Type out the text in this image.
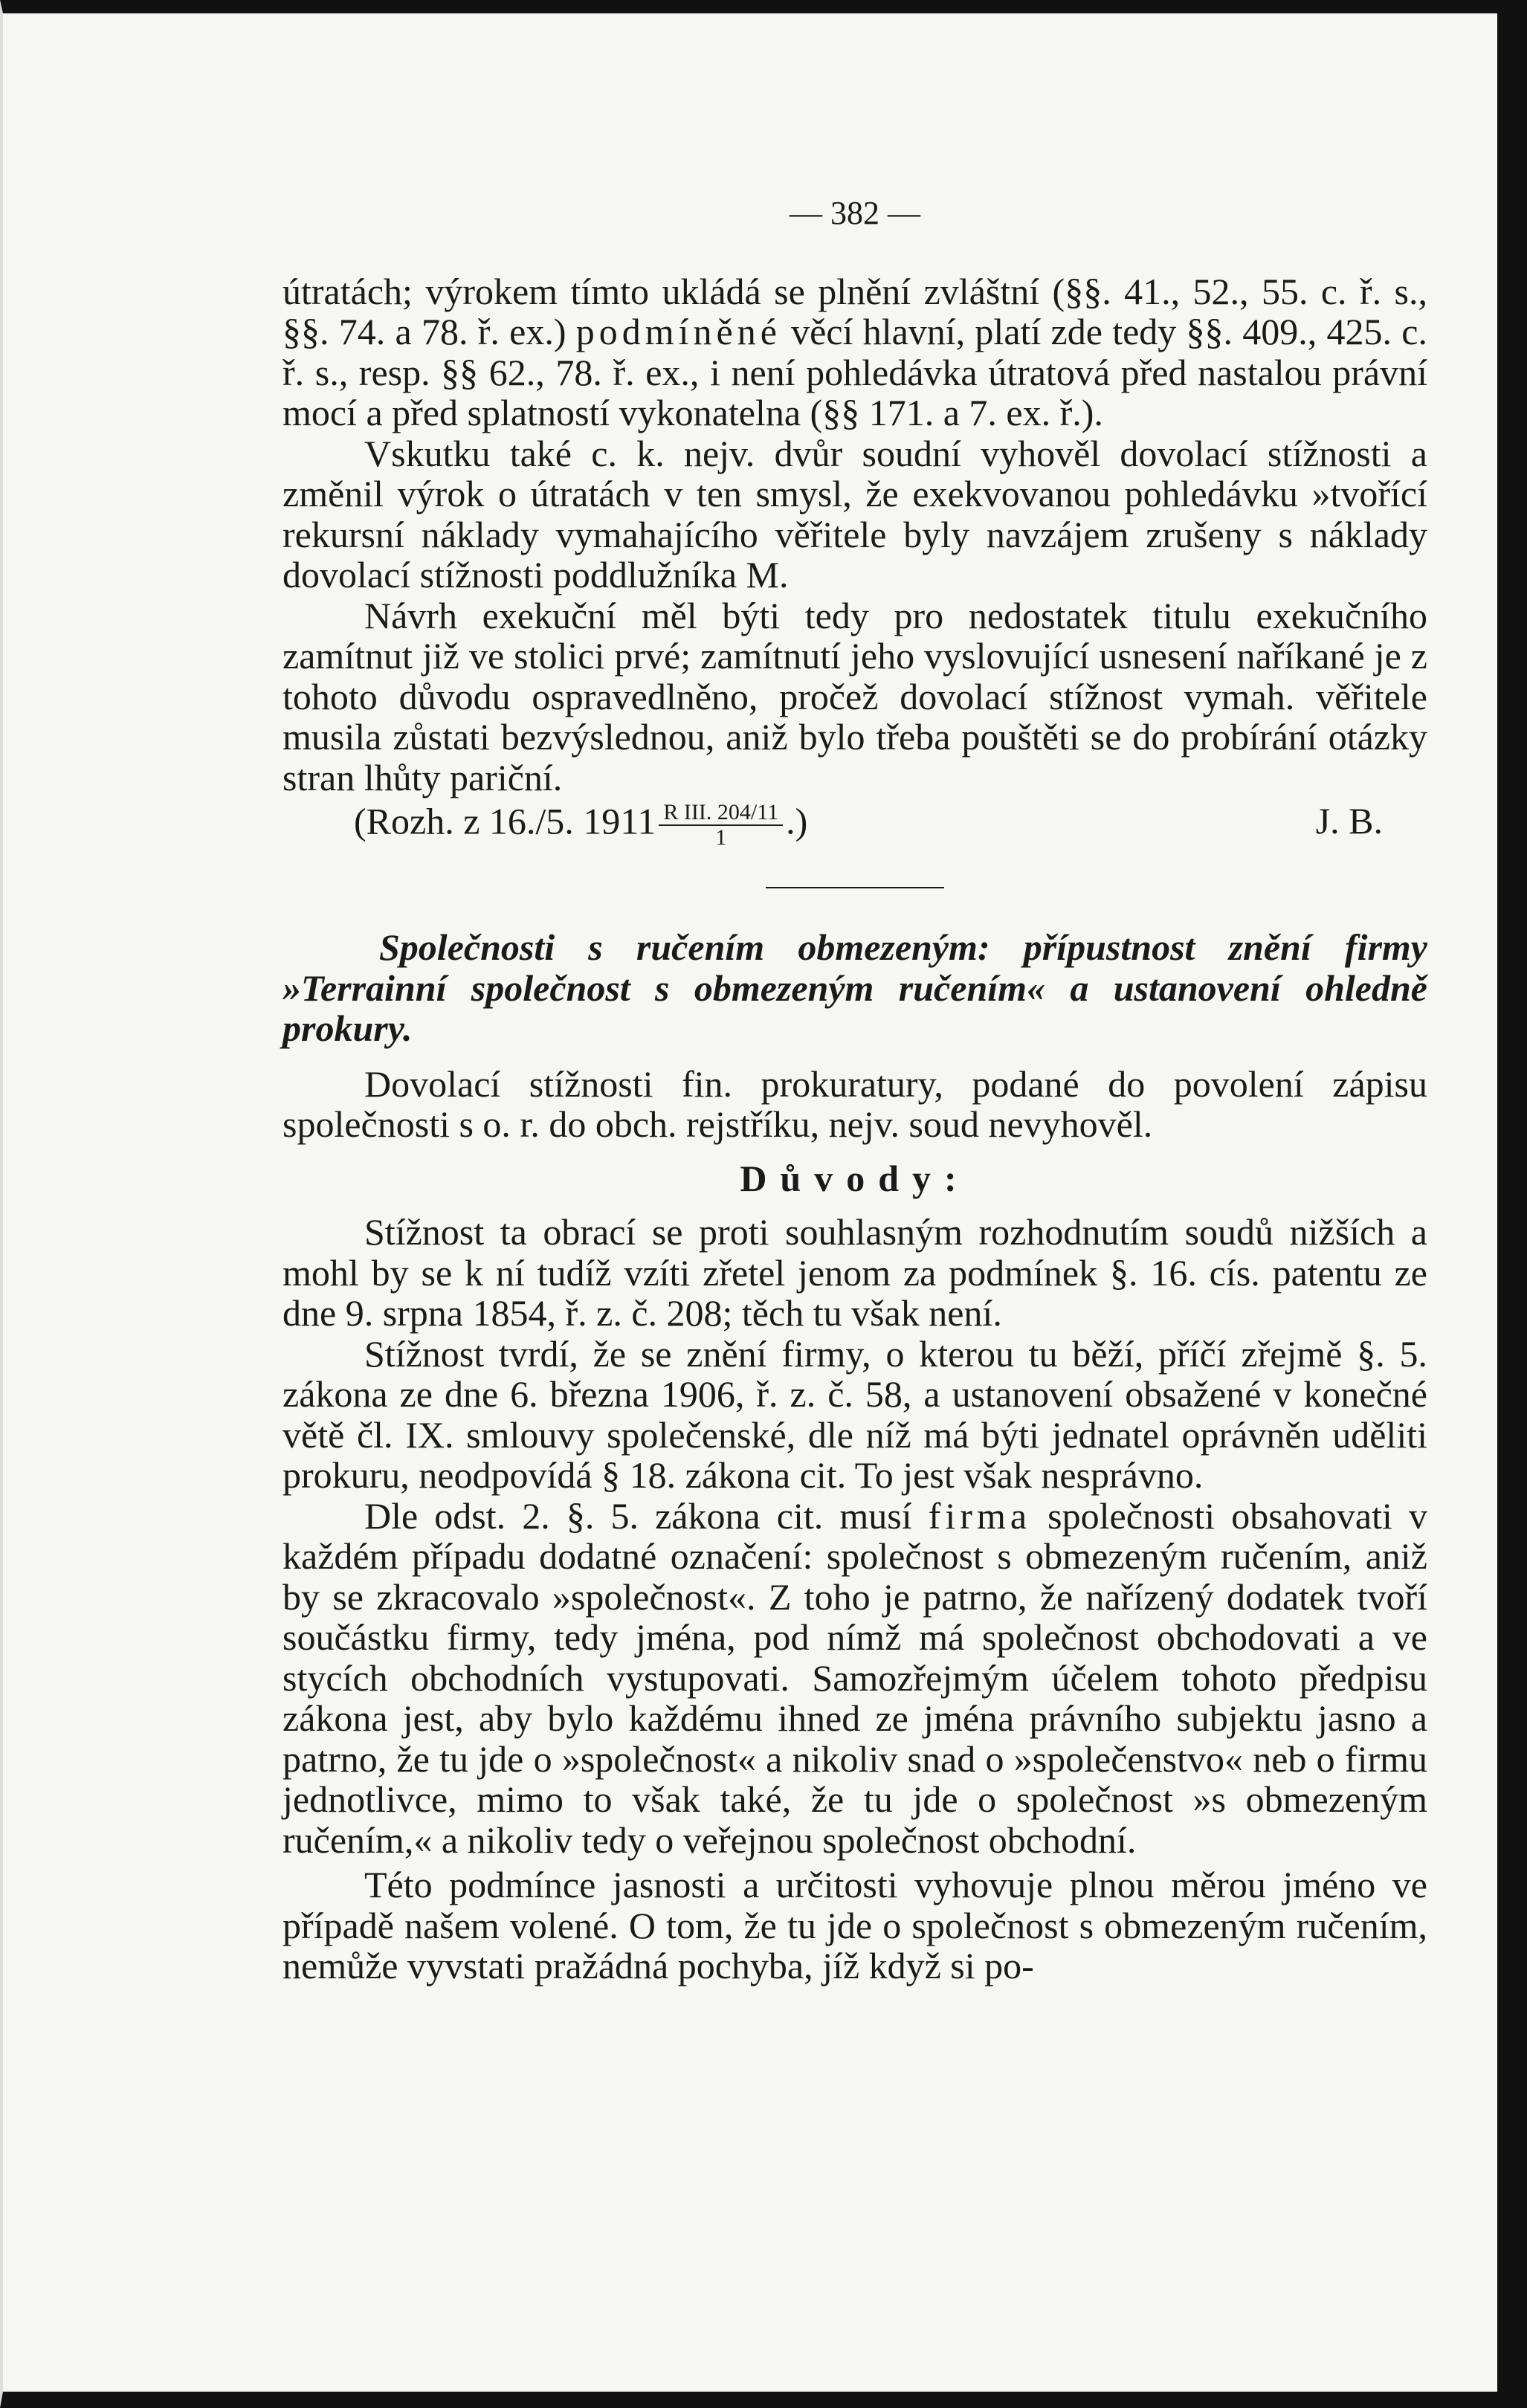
— 382 —

útratách; výrokem tímto ukládá se plnění zvláštní (§§. 41., 52., 55. c. ř. s., §§. 74. a 78. ř. ex.) podmíněné věcí hlavní, platí zde tedy §§. 409., 425. c. ř. s., resp. §§ 62., 78. ř. ex., i není pohledávka útratová před nastalou právní mocí a před splatností vykonatelna (§§ 171. a 7. ex. ř.).

Vskutku také c. k. nejv. dvůr soudní vyhověl dovolací stížnosti a změnil výrok o útratách v ten smysl, že exekvovanou pohledávku »tvořící rekursní náklady vymahajícího věřitele byly navzájem zrušeny s náklady dovolací stížnosti poddlužníka M.

Návrh exekuční měl býti tedy pro nedostatek titulu exekučního zamítnut již ve stolici prvé; zamítnutí jeho vyslovující usnesení naříkané je z tohoto důvodu ospravedlněno, pročež dovolací stížnost vymah. věřitele musila zůstati bezvýslednou, aniž bylo třeba pouštěti se do probírání otázky stran lhůty pariční.

(Rozh. z 16./5. $1911 \frac{\text{R III. 204/11}}{1}$ .)	J. B.

Společnosti s ručením obmezeným: přípustnost znění firmy »Terrainní společnost s obmezeným ručením« a ustanovení ohledně prokury.

Dovolací stížnosti fin. prokuratury, podané do povolení zápisu společnosti s o. r. do obch. rejstříku, nejv. soud nevyhověl.

Důvody:

Stížnost ta obrací se proti souhlasným rozhodnutím soudů nižších a mohl by se k ní tudíž vzíti zřetel jenom za podmínek §. 16. cís. patentu ze dne 9. srpna 1854, ř. z. č. 208; těch tu však není.

Stížnost tvrdí, že se znění firmy, o kterou tu běží, příčí zřejmě §. 5. zákona ze dne 6. března 1906, ř. z. č. 58, a ustanovení obsažené v konečné větě čl. IX. smlouvy společenské, dle níž má býti jednatel oprávněn uděliti prokuru, neodpovídá § 18. zákona cit. To jest však nesprávno.

Dle odst. 2. §. 5. zákona cit. musí firma společnosti obsahovati v každém případu dodatné označení: společnost s obmezeným ručením, aniž by se zkracovalo »společnost«. Z toho je patrno, že nařízený dodatek tvoří součástku firmy, tedy jména, pod nímž má společnost obchodovati a ve stycích obchodních vystupovati. Samozřejmým účelem tohoto předpisu zákona jest, aby bylo každému ihned ze jména právního subjektu jasno a patrno, že tu jde o »společnost« a nikoliv snad o »společenstvo« neb o firmu jednotlivce, mimo to však také, že tu jde o společnost »s obmezeným ručením,« a nikoliv tedy o veřejnou společnost obchodní.

Této podmínce jasnosti a určitosti vyhovuje plnou měrou jméno ve případě našem volené. O tom, že tu jde o společnost s obmezeným ručením, nemůže vyvstati pražádná pochyba, jíž když si po-
